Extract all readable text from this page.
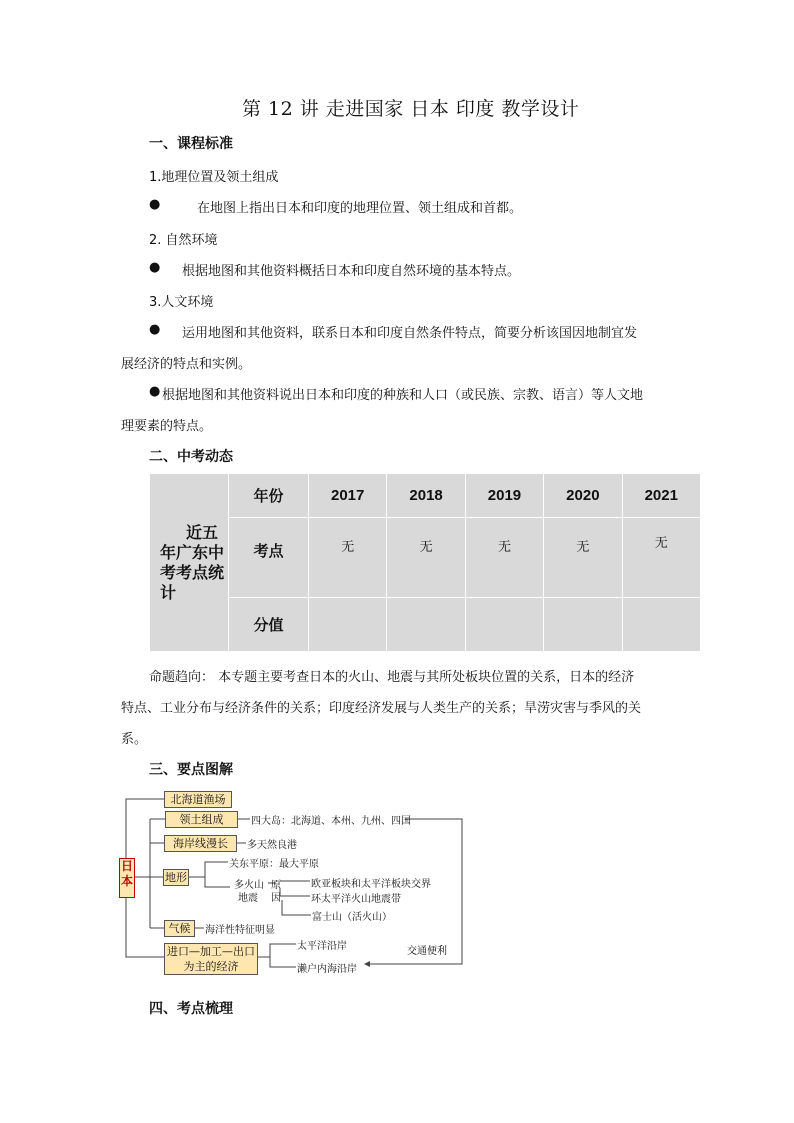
第 12 讲 走进国家 日本 印度 教学设计
一、课程标准
1.地理位置及领土组成
●	在地图上指出日本和印度的地理位置、领土组成和首都。
2. 自然环境
● 根据地图和其他资料概括日本和印度自然环境的基本特点。
3.人文环境
● 运用地图和其他资料，联系日本和印度自然条件特点，简要分析该国因地制宜发
展经济的特点和实例。
● 根据地图和其他资料说出日本和印度的种族和人口（或民族、宗教、语言）等人文地
理要素的特点。
二、中考动态
近五
年广东中
考考点统
计	年份	2017	2018	2019	2020	2021
	考点	无	无	无	无	无
	分值					
命题趋向： 本专题主要考查日本的火山、地震与其所处板块位置的关系，日本的经济
特点、工业分布与经济条件的关系；印度经济发展与人类生产的关系；旱涝灾害与季风的关
系。
三、要点图解
日本
北海道渔场
领土组成	四大岛：北海道、本州、九州、四国
海岸线漫长	多天然良港
地形
关东平原：最大平原
多火山
地震
原
因
欧亚板块和太平洋板块交界
环太平洋火山地震带
富士山（活火山）
气候	海洋性特征明显
进口—加工—出口
为主的经济
太平洋沿岸
濑户内海沿岸
交通便利
四、考点梳理
